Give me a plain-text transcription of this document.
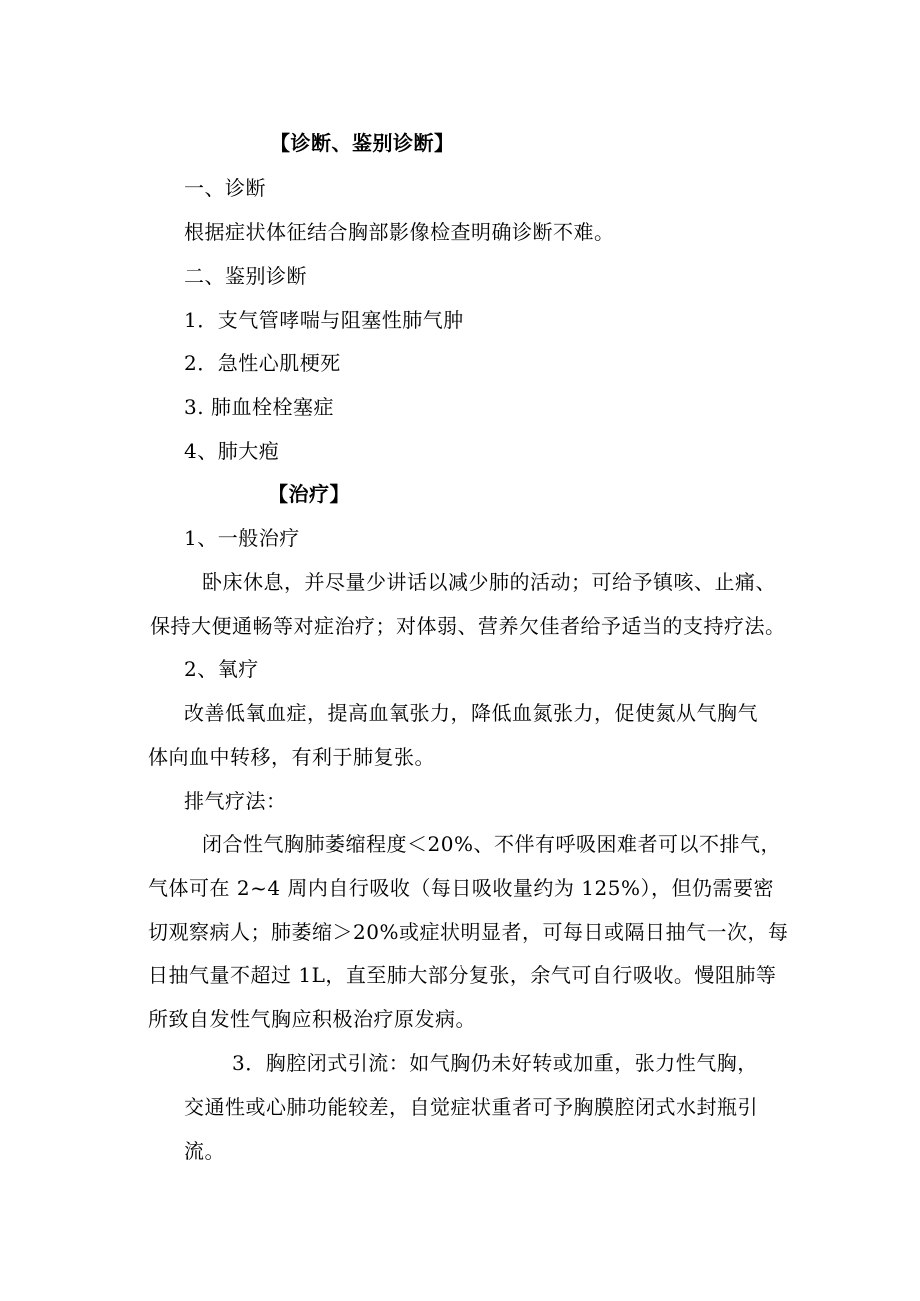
【诊断、鉴别诊断】
一、诊断
根据症状体征结合胸部影像检查明确诊断不难。
二、鉴别诊断
1．支气管哮喘与阻塞性肺气肿
2．急性心肌梗死
3. 肺血栓栓塞症
4、肺大疱
【治疗】
1、一般治疗
卧床休息，并尽量少讲话以减少肺的活动；可给予镇咳、止痛、
保持大便通畅等对症治疗；对体弱、营养欠佳者给予适当的支持疗法。
2、氧疗
改善低氧血症，提高血氧张力，降低血氮张力，促使氮从气胸气
体向血中转移，有利于肺复张。
排气疗法：
闭合性气胸肺萎缩程度＜20%、不伴有呼吸困难者可以不排气，
气体可在 2~4 周内自行吸收（每日吸收量约为 125%），但仍需要密
切观察病人；肺萎缩＞20%或症状明显者，可每日或隔日抽气一次，每
日抽气量不超过 1L，直至肺大部分复张，余气可自行吸收。慢阻肺等
所致自发性气胸应积极治疗原发病。
3．胸腔闭式引流：如气胸仍未好转或加重，张力性气胸，
交通性或心肺功能较差，自觉症状重者可予胸膜腔闭式水封瓶引
流。
